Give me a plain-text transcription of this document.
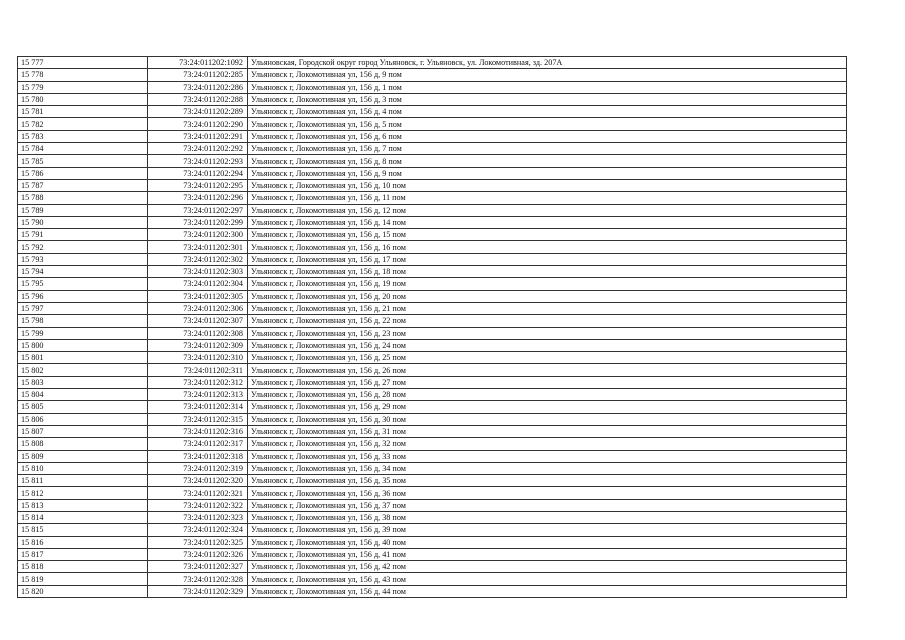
15 777	73:24:011202:1092	Ульяновская, Городской округ город Ульяновск, г. Ульяновск, ул. Локомотивная, зд. 207А
15 778	73:24:011202:285	Ульяновск г, Локомотивная ул, 156 д, 9 пом
15 779	73:24:011202:286	Ульяновск г, Локомотивная ул, 156 д, 1 пом
15 780	73:24:011202:288	Ульяновск г, Локомотивная ул, 156 д, 3 пом
15 781	73:24:011202:289	Ульяновск г, Локомотивная ул, 156 д, 4 пом
15 782	73:24:011202:290	Ульяновск г, Локомотивная ул, 156 д, 5 пом
15 783	73:24:011202:291	Ульяновск г, Локомотивная ул, 156 д, 6 пом
15 784	73:24:011202:292	Ульяновск г, Локомотивная ул, 156 д, 7 пом
15 785	73:24:011202:293	Ульяновск г, Локомотивная ул, 156 д, 8 пом
15 786	73:24:011202:294	Ульяновск г, Локомотивная ул, 156 д, 9 пом
15 787	73:24:011202:295	Ульяновск г, Локомотивная ул, 156 д, 10 пом
15 788	73:24:011202:296	Ульяновск г, Локомотивная ул, 156 д, 11 пом
15 789	73:24:011202:297	Ульяновск г, Локомотивная ул, 156 д, 12 пом
15 790	73:24:011202:299	Ульяновск г, Локомотивная ул, 156 д, 14 пом
15 791	73:24:011202:300	Ульяновск г, Локомотивная ул, 156 д, 15 пом
15 792	73:24:011202:301	Ульяновск г, Локомотивная ул, 156 д, 16 пом
15 793	73:24:011202:302	Ульяновск г, Локомотивная ул, 156 д, 17 пом
15 794	73:24:011202:303	Ульяновск г, Локомотивная ул, 156 д, 18 пом
15 795	73:24:011202:304	Ульяновск г, Локомотивная ул, 156 д, 19 пом
15 796	73:24:011202:305	Ульяновск г, Локомотивная ул, 156 д, 20 пом
15 797	73:24:011202:306	Ульяновск г, Локомотивная ул, 156 д, 21 пом
15 798	73:24:011202:307	Ульяновск г, Локомотивная ул, 156 д, 22 пом
15 799	73:24:011202:308	Ульяновск г, Локомотивная ул, 156 д, 23 пом
15 800	73:24:011202:309	Ульяновск г, Локомотивная ул, 156 д, 24 пом
15 801	73:24:011202:310	Ульяновск г, Локомотивная ул, 156 д, 25 пом
15 802	73:24:011202:311	Ульяновск г, Локомотивная ул, 156 д, 26 пом
15 803	73:24:011202:312	Ульяновск г, Локомотивная ул, 156 д, 27 пом
15 804	73:24:011202:313	Ульяновск г, Локомотивная ул, 156 д, 28 пом
15 805	73:24:011202:314	Ульяновск г, Локомотивная ул, 156 д, 29 пом
15 806	73:24:011202:315	Ульяновск г, Локомотивная ул, 156 д, 30 пом
15 807	73:24:011202:316	Ульяновск г, Локомотивная ул, 156 д, 31 пом
15 808	73:24:011202:317	Ульяновск г, Локомотивная ул, 156 д, 32 пом
15 809	73:24:011202:318	Ульяновск г, Локомотивная ул, 156 д, 33 пом
15 810	73:24:011202:319	Ульяновск г, Локомотивная ул, 156 д, 34 пом
15 811	73:24:011202:320	Ульяновск г, Локомотивная ул, 156 д, 35 пом
15 812	73:24:011202:321	Ульяновск г, Локомотивная ул, 156 д, 36 пом
15 813	73:24:011202:322	Ульяновск г, Локомотивная ул, 156 д, 37 пом
15 814	73:24:011202:323	Ульяновск г, Локомотивная ул, 156 д, 38 пом
15 815	73:24:011202:324	Ульяновск г, Локомотивная ул, 156 д, 39 пом
15 816	73:24:011202:325	Ульяновск г, Локомотивная ул, 156 д, 40 пом
15 817	73:24:011202:326	Ульяновск г, Локомотивная ул, 156 д, 41 пом
15 818	73:24:011202:327	Ульяновск г, Локомотивная ул, 156 д, 42 пом
15 819	73:24:011202:328	Ульяновск г, Локомотивная ул, 156 д, 43 пом
15 820	73:24:011202:329	Ульяновск г, Локомотивная ул, 156 д, 44 пом
